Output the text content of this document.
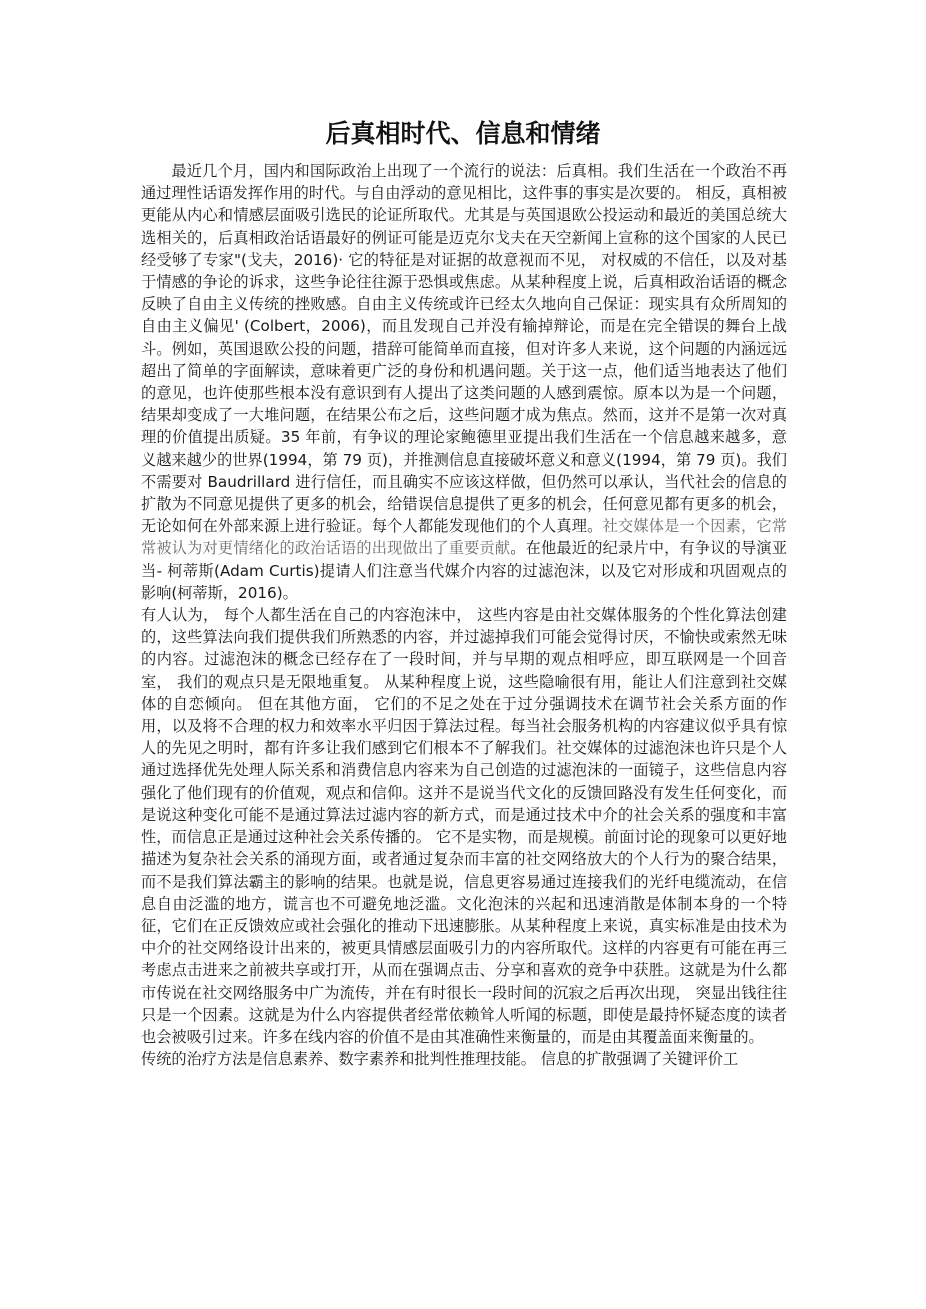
后真相时代、信息和情绪

最近几个月，国内和国际政治上出现了一个流行的说法：后真相。我们生活在一个政治不再通过理性话语发挥作用的时代。与自由浮动的意见相比，这件事的事实是次要的。 相反，真相被更能从内心和情感层面吸引选民的论证所取代。尤其是与英国退欧公投运动和最近的美国总统大选相关的，后真相政治话语最好的例证可能是迈克尔戈夫在天空新闻上宣称的这个国家的人民已经受够了专家"(戈夫，2016)· 它的特征是对证据的故意视而不见， 对权威的不信任，以及对基于情感的争论的诉求，这些争论往往源于恐惧或焦虑。从某种程度上说，后真相政治话语的概念反映了自由主义传统的挫败感。自由主义传统或许已经太久地向自己保证：现实具有众所周知的自由主义偏见' (Colbert，2006)，而且发现自己并没有输掉辩论，而是在完全错误的舞台上战斗。例如，英国退欧公投的问题，措辞可能简单而直接，但对许多人来说，这个问题的内涵远远超出了简单的字面解读，意味着更广泛的身份和机遇问题。关于这一点，他们适当地表达了他们的意见，也许使那些根本没有意识到有人提出了这类问题的人感到震惊。原本以为是一个问题，结果却变成了一大堆问题，在结果公布之后，这些问题才成为焦点。然而，这并不是第一次对真理的价值提出质疑。35 年前，有争议的理论家鲍德里亚提出我们生活在一个信息越来越多，意义越来越少的世界(1994，第 79 页)，并推测信息直接破坏意义和意义(1994，第 79 页)。我们不需要对 Baudrillard 进行信任，而且确实不应该这样做，但仍然可以承认，当代社会的信息的扩散为不同意见提供了更多的机会，给错误信息提供了更多的机会，任何意见都有更多的机会，无论如何在外部来源上进行验证。每个人都能发现他们的个人真理。社交媒体是一个因素，它常常被认为对更情绪化的政治话语的出现做出了重要贡献。在他最近的纪录片中，有争议的导演亚当- 柯蒂斯(Adam Curtis)提请人们注意当代媒介内容的过滤泡沫，以及它对形成和巩固观点的影响(柯蒂斯，2016)。

有人认为， 每个人都生活在自己的内容泡沫中， 这些内容是由社交媒体服务的个性化算法创建的，这些算法向我们提供我们所熟悉的内容，并过滤掉我们可能会觉得讨厌，不愉快或索然无味的内容。过滤泡沫的概念已经存在了一段时间，并与早期的观点相呼应，即互联网是一个回音室， 我们的观点只是无限地重复。 从某种程度上说，这些隐喻很有用，能让人们注意到社交媒体的自恋倾向。 但在其他方面， 它们的不足之处在于过分强调技术在调节社会关系方面的作用，以及将不合理的权力和效率水平归因于算法过程。每当社会服务机构的内容建议似乎具有惊人的先见之明时，都有许多让我们感到它们根本不了解我们。社交媒体的过滤泡沫也许只是个人通过选择优先处理人际关系和消费信息内容来为自己创造的过滤泡沫的一面镜子，这些信息内容强化了他们现有的价值观，观点和信仰。这并不是说当代文化的反馈回路没有发生任何变化，而是说这种变化可能不是通过算法过滤内容的新方式，而是通过技术中介的社会关系的强度和丰富性，而信息正是通过这种社会关系传播的。 它不是实物，而是规模。前面讨论的现象可以更好地描述为复杂社会关系的涌现方面，或者通过复杂而丰富的社交网络放大的个人行为的聚合结果，而不是我们算法霸主的影响的结果。也就是说，信息更容易通过连接我们的光纤电缆流动，在信息自由泛滥的地方，谎言也不可避免地泛滥。文化泡沫的兴起和迅速消散是体制本身的一个特征，它们在正反馈效应或社会强化的推动下迅速膨胀。从某种程度上来说，真实标准是由技术为中介的社交网络设计出来的，被更具情感层面吸引力的内容所取代。这样的内容更有可能在再三考虑点击进来之前被共享或打开，从而在强调点击、分享和喜欢的竞争中获胜。这就是为什么都市传说在社交网络服务中广为流传，并在有时很长一段时间的沉寂之后再次出现， 突显出钱往往只是一个因素。这就是为什么内容提供者经常依赖耸人听闻的标题，即使是最持怀疑态度的读者也会被吸引过来。许多在线内容的价值不是由其准确性来衡量的，而是由其覆盖面来衡量的。

传统的治疗方法是信息素养、数字素养和批判性推理技能。 信息的扩散强调了关键评价工
